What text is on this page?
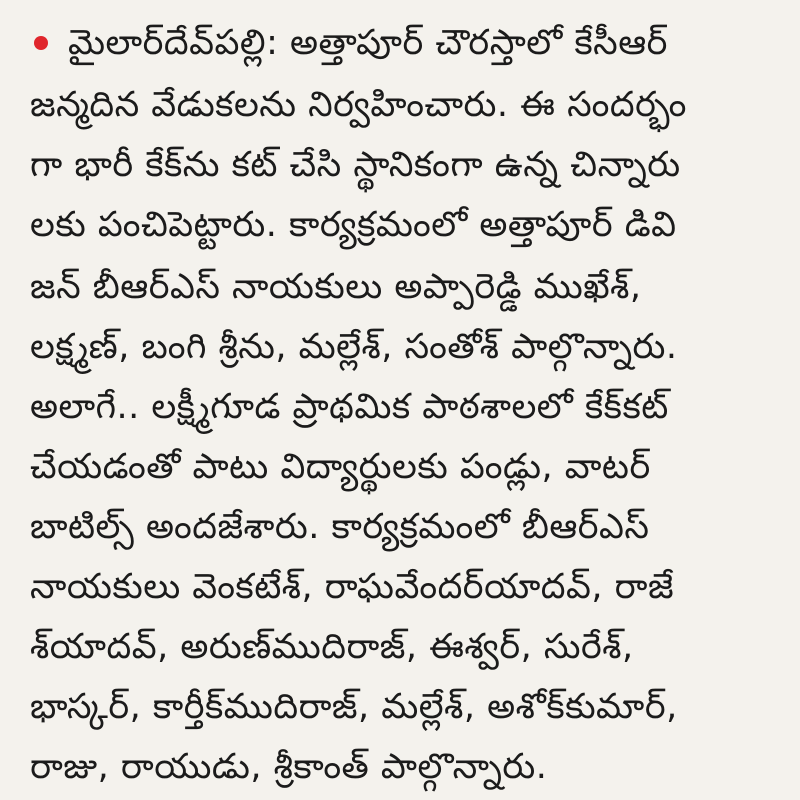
మైలార్‌దేవ్‌పల్లి: అత్తాపూర్ చౌరస్తాలో కేసీఆర్
జన్మదిన వేడుకలను నిర్వహించారు. ఈ సందర్భం
గా భారీ కేక్‌ను కట్ చేసి స్థానికంగా ఉన్న చిన్నారు
లకు పంచిపెట్టారు. కార్యక్రమంలో అత్తాపూర్ డివి
జన్ బీఆర్ఎస్ నాయకులు అప్పారెడ్డి ముఖేశ్,
లక్ష్మణ్, బంగి శ్రీను, మల్లేశ్, సంతోశ్ పాల్గొన్నారు.
అలాగే.. లక్ష్మీగూడ ప్రాథమిక పాఠశాలలో కేక్‌కట్
చేయడంతో పాటు విద్యార్థులకు పండ్లు, వాటర్
బాటిల్స్ అందజేశారు. కార్యక్రమంలో బీఆర్ఎస్
నాయకులు వెంకటేశ్, రాఘవేందర్‌యాదవ్, రాజే
శ్‌యాదవ్, అరుణ్‌ముదిరాజ్, ఈశ్వర్, సురేశ్,
భాస్కర్, కార్తీక్‌ముదిరాజ్, మల్లేశ్, అశోక్‌కుమార్,
రాజు, రాయుడు, శ్రీకాంత్ పాల్గొన్నారు.
